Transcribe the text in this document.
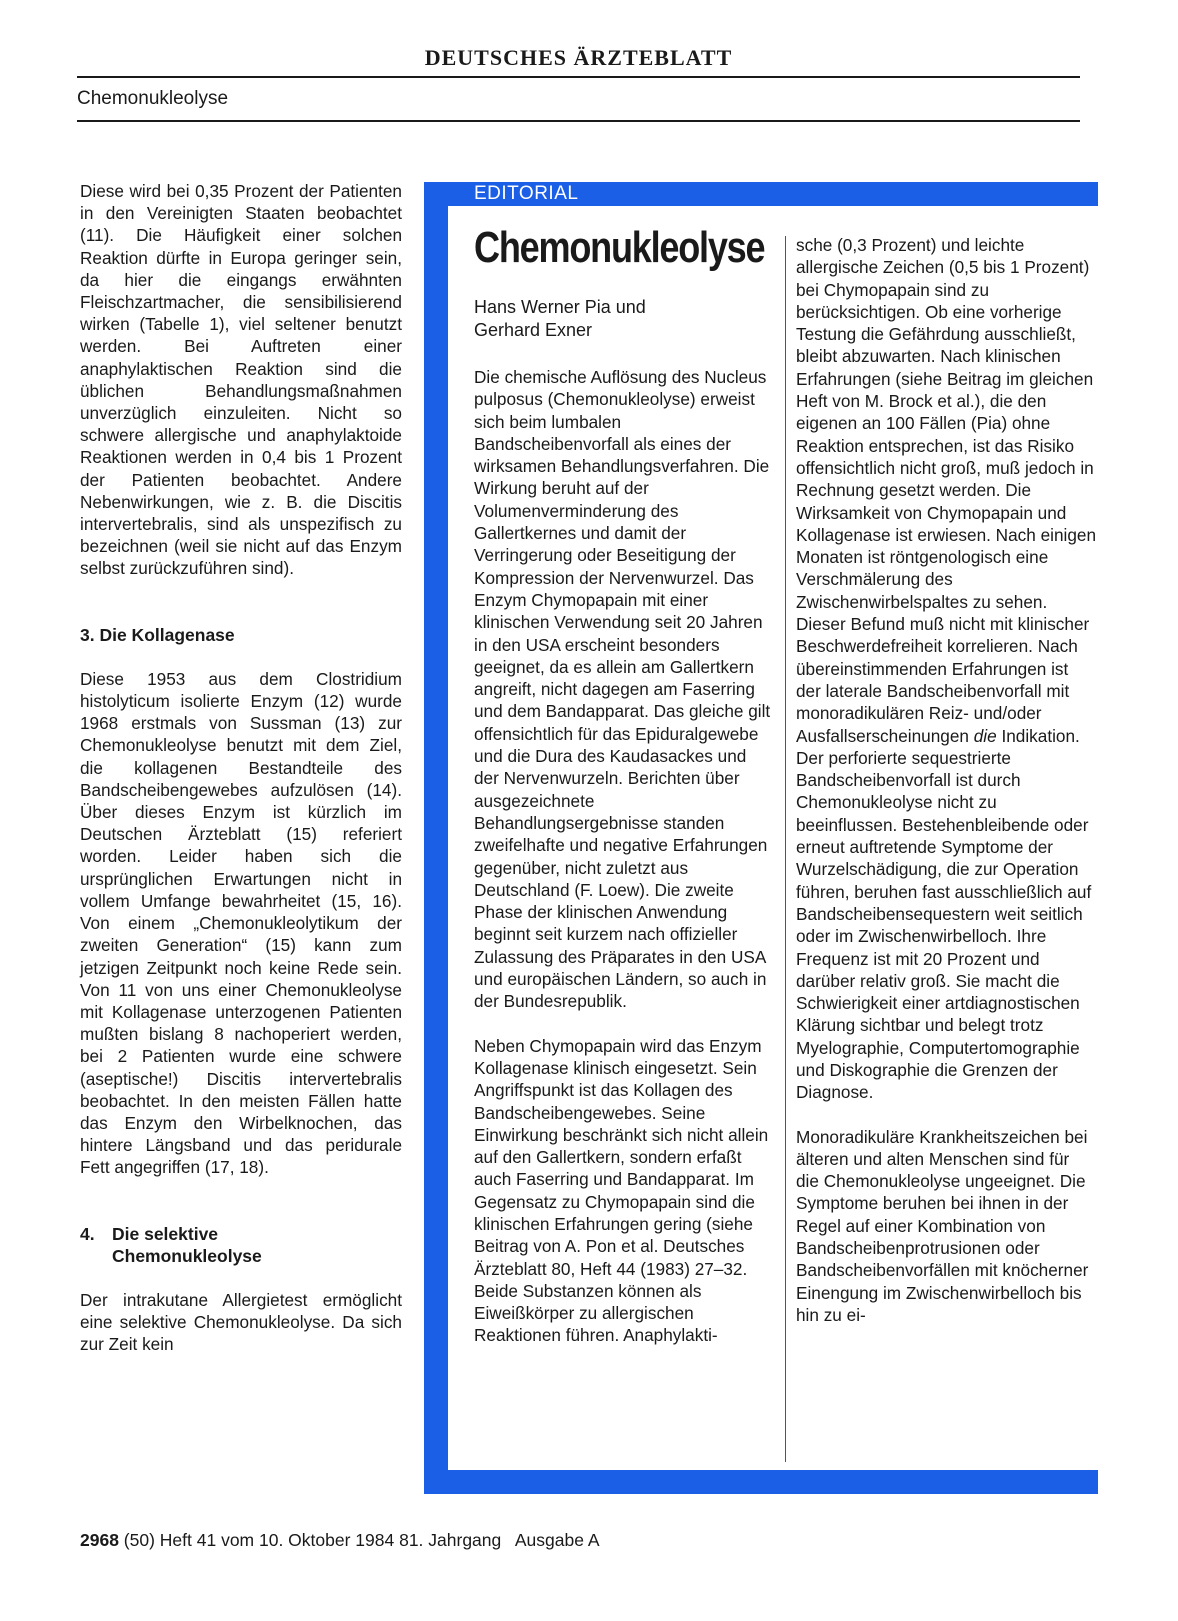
DEUTSCHES ÄRZTEBLATT
Chemonukleolyse

Diese wird bei 0,35 Prozent der Patienten in den Vereinigten Staaten beobachtet (11). Die Häufigkeit einer solchen Reaktion dürfte in Europa geringer sein, da hier die eingangs erwähnten Fleischzartmacher, die sensibilisierend wirken (Tabelle 1), viel seltener benutzt werden. Bei Auftreten einer anaphylaktischen Reaktion sind die üblichen Behandlungsmaßnahmen unverzüglich einzuleiten. Nicht so schwere allergische und anaphylaktoide Reaktionen werden in 0,4 bis 1 Prozent der Patienten beobachtet. Andere Nebenwirkungen, wie z. B. die Discitis intervertebralis, sind als unspezifisch zu bezeichnen (weil sie nicht auf das Enzym selbst zurückzuführen sind).

3. Die Kollagenase

Diese 1953 aus dem Clostridium histolyticum isolierte Enzym (12) wurde 1968 erstmals von Sussman (13) zur Chemonukleolyse benutzt mit dem Ziel, die kollagenen Bestandteile des Bandscheibengewebes aufzulösen (14). Über dieses Enzym ist kürzlich im Deutschen Ärzteblatt (15) referiert worden. Leider haben sich die ursprünglichen Erwartungen nicht in vollem Umfange bewahrheitet (15, 16). Von einem „Chemonukleolytikum der zweiten Generation“ (15) kann zum jetzigen Zeitpunkt noch keine Rede sein. Von 11 von uns einer Chemonukleolyse mit Kollagenase unterzogenen Patienten mußten bislang 8 nachoperiert werden, bei 2 Patienten wurde eine schwere (aseptische!) Discitis intervertebralis beobachtet. In den meisten Fällen hatte das Enzym den Wirbelknochen, das hintere Längsband und das peridurale Fett angegriffen (17, 18).

4. Die selektive
Chemonukleolyse

Der intrakutane Allergietest ermöglicht eine selektive Chemonukleolyse. Da sich zur Zeit kein

EDITORIAL
Chemonukleolyse
Hans Werner Pia und
Gerhard Exner

Die chemische Auflösung des Nucleus pulposus (Chemonukleolyse) erweist sich beim lumbalen Bandscheibenvorfall als eines der wirksamen Behandlungsverfahren. Die Wirkung beruht auf der Volumenverminderung des Gallertkernes und damit der Verringerung oder Beseitigung der Kompression der Nervenwurzel. Das Enzym Chymopapain mit einer klinischen Verwendung seit 20 Jahren in den USA erscheint besonders geeignet, da es allein am Gallertkern angreift, nicht dagegen am Faserring und dem Bandapparat. Das gleiche gilt offensichtlich für das Epiduralgewebe und die Dura des Kaudasackes und der Nervenwurzeln. Berichten über ausgezeichnete Behandlungsergebnisse standen zweifelhafte und negative Erfahrungen gegenüber, nicht zuletzt aus Deutschland (F. Loew). Die zweite Phase der klinischen Anwendung beginnt seit kurzem nach offizieller Zulassung des Präparates in den USA und europäischen Ländern, so auch in der Bundesrepublik.

Neben Chymopapain wird das Enzym Kollagenase klinisch eingesetzt. Sein Angriffspunkt ist das Kollagen des Bandscheibengewebes. Seine Einwirkung beschränkt sich nicht allein auf den Gallertkern, sondern erfaßt auch Faserring und Bandapparat. Im Gegensatz zu Chymopapain sind die klinischen Erfahrungen gering (siehe Beitrag von A. Pon et al. Deutsches Ärzteblatt 80, Heft 44 (1983) 27–32. Beide Substanzen können als Eiweißkörper zu allergischen Reaktionen führen. Anaphylakti-

sche (0,3 Prozent) und leichte allergische Zeichen (0,5 bis 1 Prozent) bei Chymopapain sind zu berücksichtigen. Ob eine vorherige Testung die Gefährdung ausschließt, bleibt abzuwarten. Nach klinischen Erfahrungen (siehe Beitrag im gleichen Heft von M. Brock et al.), die den eigenen an 100 Fällen (Pia) ohne Reaktion entsprechen, ist das Risiko offensichtlich nicht groß, muß jedoch in Rechnung gesetzt werden. Die Wirksamkeit von Chymopapain und Kollagenase ist erwiesen. Nach einigen Monaten ist röntgenologisch eine Verschmälerung des Zwischenwirbelspaltes zu sehen. Dieser Befund muß nicht mit klinischer Beschwerdefreiheit korrelieren. Nach übereinstimmenden Erfahrungen ist der laterale Bandscheibenvorfall mit monoradikulären Reiz- und/oder Ausfallserscheinungen die Indikation. Der perforierte sequestrierte Bandscheibenvorfall ist durch Chemonukleolyse nicht zu beeinflussen. Bestehenbleibende oder erneut auftretende Symptome der Wurzelschädigung, die zur Operation führen, beruhen fast ausschließlich auf Bandscheibensequestern weit seitlich oder im Zwischenwirbelloch. Ihre Frequenz ist mit 20 Prozent und darüber relativ groß. Sie macht die Schwierigkeit einer artdiagnostischen Klärung sichtbar und belegt trotz Myelographie, Computertomographie und Diskographie die Grenzen der Diagnose.

Monoradikuläre Krankheitszeichen bei älteren und alten Menschen sind für die Chemonukleolyse ungeeignet. Die Symptome beruhen bei ihnen in der Regel auf einer Kombination von Bandscheibenprotrusionen oder Bandscheibenvorfällen mit knöcherner Einengung im Zwischenwirbelloch bis hin zu ei-

2968 (50) Heft 41 vom 10. Oktober 1984 81. Jahrgang   Ausgabe A
